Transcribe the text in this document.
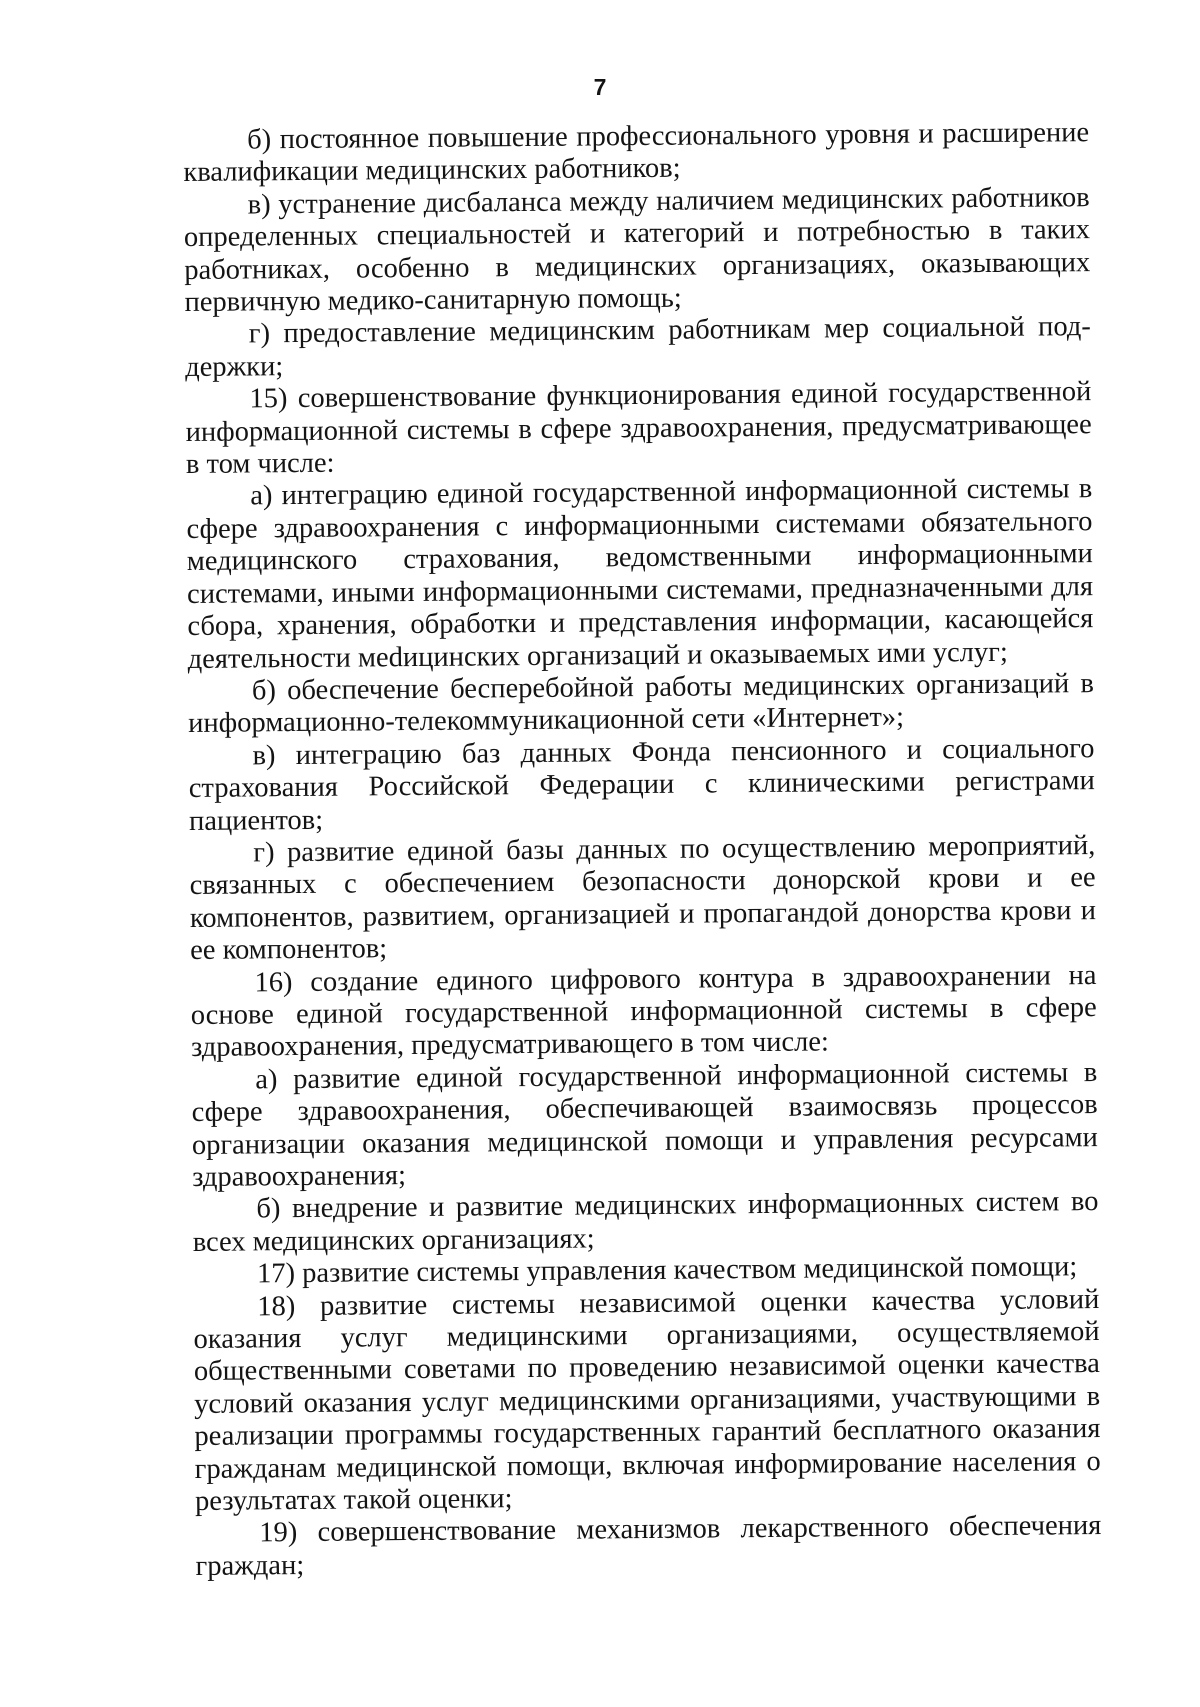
7

б) постоянное повышение профессионального уровня и расширение квалификации медицинских работников;

в) устранение дисбаланса между наличием медицинских работников определенных специальностей и категорий и потребностью в таких работниках, особенно в медицинских организациях, оказывающих первичную медико-санитарную помощь;

г) предоставление медицинским работникам мер социальной поддержки;

15) совершенствование функционирования единой государственной информационной системы в сфере здравоохранения, предусматривающее в том числе:

а) интеграцию единой государственной информационной системы в сфере здравоохранения с информационными системами обязательного медицинского страхования, ведомственными информационными системами, иными информационными системами, предназначенными для сбора, хранения, обработки и представления информации, касающейся деятельности меdицинских организаций и оказываемых ими услуг;

б) обеспечение бесперебойной работы медицинских организаций в информационно-телекоммуникационной сети «Интернет»;

в) интеграцию баз данных Фонда пенсионного и социального страхования Российской Федерации с клиническими регистрами пациентов;

г) развитие единой базы данных по осуществлению мероприятий, связанных с обеспечением безопасности донорской крови и ее компонентов, развитием, организацией и пропагандой донорства крови и ее компонентов;

16) создание единого цифрового контура в здравоохранении на основе единой государственной информационной системы в сфере здравоохранения, предусматривающего в том числе:

а) развитие единой государственной информационной системы в сфере здравоохранения, обеспечивающей взаимосвязь процессов организации оказания медицинской помощи и управления ресурсами здравоохранения;

б) внедрение и развитие медицинских информационных систем во всех медицинских организациях;

17) развитие системы управления качеством медицинской помощи;

18) развитие системы независимой оценки качества условий оказания услуг медицинскими организациями, осуществляемой общественными советами по проведению независимой оценки качества условий оказания услуг медицинскими организациями, участвующими в реализации программы государственных гарантий бесплатного оказания гражданам медицинской помощи, включая информирование населения о результатах такой оценки;

19) совершенствование механизмов лекарственного обеспечения граждан;
